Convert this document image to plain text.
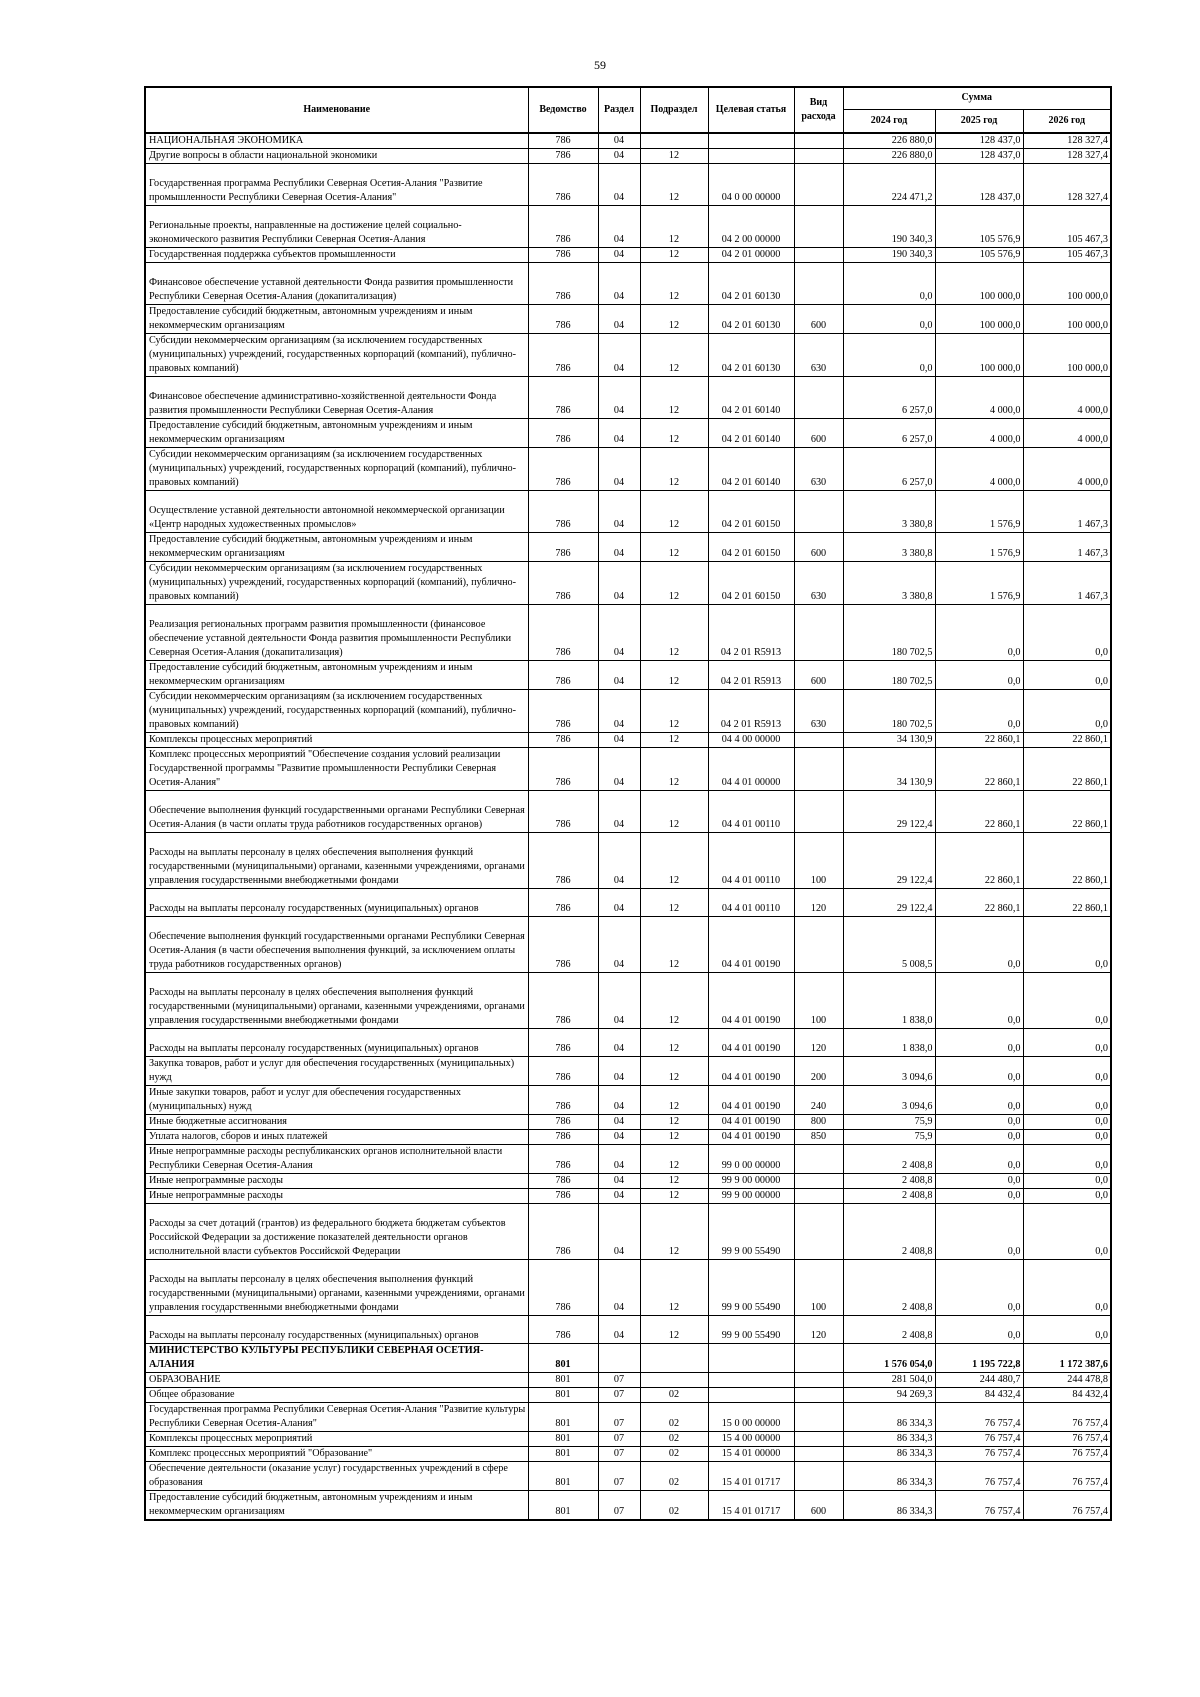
59
Наименование	Ведомство	Раздел	Подраздел	Целевая статья	Вид расхода	Сумма		
						2024 год	2025 год	2026 год
НАЦИОНАЛЬНАЯ ЭКОНОМИКА	786	04				226 880,0	128 437,0	128 327,4
Другие вопросы в области национальной экономики	786	04	12			226 880,0	128 437,0	128 327,4
Государственная программа Республики Северная Осетия-Алания "Развитие промышленности Республики Северная Осетия-Алания"	786	04	12	04 0 00 00000		224 471,2	128 437,0	128 327,4
Региональные проекты, направленные на достижение целей социально-экономического развития Республики Северная Осетия-Алания	786	04	12	04 2 00 00000		190 340,3	105 576,9	105 467,3
Государственная поддержка субъектов промышленности	786	04	12	04 2 01 00000		190 340,3	105 576,9	105 467,3
Финансовое обеспечение уставной деятельности Фонда развития промышленности Республики Северная Осетия-Алания (докапитализация)	786	04	12	04 2 01 60130		0,0	100 000,0	100 000,0
Предоставление субсидий бюджетным, автономным учреждениям и иным некоммерческим организациям	786	04	12	04 2 01 60130	600	0,0	100 000,0	100 000,0
Субсидии некоммерческим организациям (за исключением государственных (муниципальных) учреждений, государственных корпораций (компаний), публично-правовых компаний)	786	04	12	04 2 01 60130	630	0,0	100 000,0	100 000,0
Финансовое обеспечение административно-хозяйственной деятельности Фонда развития промышленности Республики Северная Осетия-Алания	786	04	12	04 2 01 60140		6 257,0	4 000,0	4 000,0
Предоставление субсидий бюджетным, автономным учреждениям и иным некоммерческим организациям	786	04	12	04 2 01 60140	600	6 257,0	4 000,0	4 000,0
Субсидии некоммерческим организациям (за исключением государственных (муниципальных) учреждений, государственных корпораций (компаний), публично-правовых компаний)	786	04	12	04 2 01 60140	630	6 257,0	4 000,0	4 000,0
Осуществление уставной деятельности автономной некоммерческой организации «Центр народных художественных промыслов»	786	04	12	04 2 01 60150		3 380,8	1 576,9	1 467,3
Предоставление субсидий бюджетным, автономным учреждениям и иным некоммерческим организациям	786	04	12	04 2 01 60150	600	3 380,8	1 576,9	1 467,3
Субсидии некоммерческим организациям (за исключением государственных (муниципальных) учреждений, государственных корпораций (компаний), публично-правовых компаний)	786	04	12	04 2 01 60150	630	3 380,8	1 576,9	1 467,3
Реализация региональных программ развития промышленности (финансовое обеспечение уставной деятельности Фонда развития промышленности Республики Северная Осетия-Алания (докапитализация)	786	04	12	04 2 01 R5913		180 702,5	0,0	0,0
Предоставление субсидий бюджетным, автономным учреждениям и иным некоммерческим организациям	786	04	12	04 2 01 R5913	600	180 702,5	0,0	0,0
Субсидии некоммерческим организациям (за исключением государственных (муниципальных) учреждений, государственных корпораций (компаний), публично-правовых компаний)	786	04	12	04 2 01 R5913	630	180 702,5	0,0	0,0
Комплексы процессных мероприятий	786	04	12	04 4 00 00000		34 130,9	22 860,1	22 860,1
Комплекс процессных мероприятий "Обеспечение создания условий реализации Государственной программы "Развитие промышленности Республики Северная Осетия-Алания"	786	04	12	04 4 01 00000		34 130,9	22 860,1	22 860,1
Обеспечение выполнения функций государственными органами Республики Северная Осетия-Алания (в части оплаты труда работников государственных органов)	786	04	12	04 4 01 00110		29 122,4	22 860,1	22 860,1
Расходы на выплаты персоналу в целях обеспечения выполнения функций государственными (муниципальными) органами, казенными учреждениями, органами управления государственными внебюджетными фондами	786	04	12	04 4 01 00110	100	29 122,4	22 860,1	22 860,1
Расходы на выплаты персоналу государственных (муниципальных) органов	786	04	12	04 4 01 00110	120	29 122,4	22 860,1	22 860,1
Обеспечение выполнения функций государственными органами Республики Северная Осетия-Алания (в части обеспечения выполнения функций, за исключением оплаты труда работников государственных органов)	786	04	12	04 4 01 00190		5 008,5	0,0	0,0
Расходы на выплаты персоналу в целях обеспечения выполнения функций государственными (муниципальными) органами, казенными учреждениями, органами управления государственными внебюджетными фондами	786	04	12	04 4 01 00190	100	1 838,0	0,0	0,0
Расходы на выплаты персоналу государственных (муниципальных) органов	786	04	12	04 4 01 00190	120	1 838,0	0,0	0,0
Закупка товаров, работ и услуг для обеспечения государственных (муниципальных) нужд	786	04	12	04 4 01 00190	200	3 094,6	0,0	0,0
Иные закупки товаров, работ и услуг для обеспечения государственных (муниципальных) нужд	786	04	12	04 4 01 00190	240	3 094,6	0,0	0,0
Иные бюджетные ассигнования	786	04	12	04 4 01 00190	800	75,9	0,0	0,0
Уплата налогов, сборов и иных платежей	786	04	12	04 4 01 00190	850	75,9	0,0	0,0
Иные непрограммные расходы республиканских органов исполнительной власти Республики Северная Осетия-Алания	786	04	12	99 0 00 00000		2 408,8	0,0	0,0
Иные непрограммные расходы	786	04	12	99 9 00 00000		2 408,8	0,0	0,0
Иные непрограммные расходы	786	04	12	99 9 00 00000		2 408,8	0,0	0,0
Расходы за счет дотаций (грантов) из федерального бюджета бюджетам субъектов Российской Федерации за достижение показателей деятельности органов исполнительной власти субъектов Российской Федерации	786	04	12	99 9 00 55490		2 408,8	0,0	0,0
Расходы на выплаты персоналу в целях обеспечения выполнения функций государственными (муниципальными) органами, казенными учреждениями, органами управления государственными внебюджетными фондами	786	04	12	99 9 00 55490	100	2 408,8	0,0	0,0
Расходы на выплаты персоналу государственных (муниципальных) органов	786	04	12	99 9 00 55490	120	2 408,8	0,0	0,0
МИНИСТЕРСТВО КУЛЬТУРЫ РЕСПУБЛИКИ СЕВЕРНАЯ ОСЕТИЯ-АЛАНИЯ	801					1 576 054,0	1 195 722,8	1 172 387,6
ОБРАЗОВАНИЕ	801	07				281 504,0	244 480,7	244 478,8
Общее образование	801	07	02			94 269,3	84 432,4	84 432,4
Государственная программа Республики Северная Осетия-Алания "Развитие культуры Республики Северная Осетия-Алания"	801	07	02	15 0 00 00000		86 334,3	76 757,4	76 757,4
Комплексы процессных мероприятий	801	07	02	15 4 00 00000		86 334,3	76 757,4	76 757,4
Комплекс процессных мероприятий "Образование"	801	07	02	15 4 01 00000		86 334,3	76 757,4	76 757,4
Обеспечение деятельности (оказание услуг) государственных учреждений в сфере образования	801	07	02	15 4 01 01717		86 334,3	76 757,4	76 757,4
Предоставление субсидий бюджетным, автономным учреждениям и иным некоммерческим организациям	801	07	02	15 4 01 01717	600	86 334,3	76 757,4	76 757,4
